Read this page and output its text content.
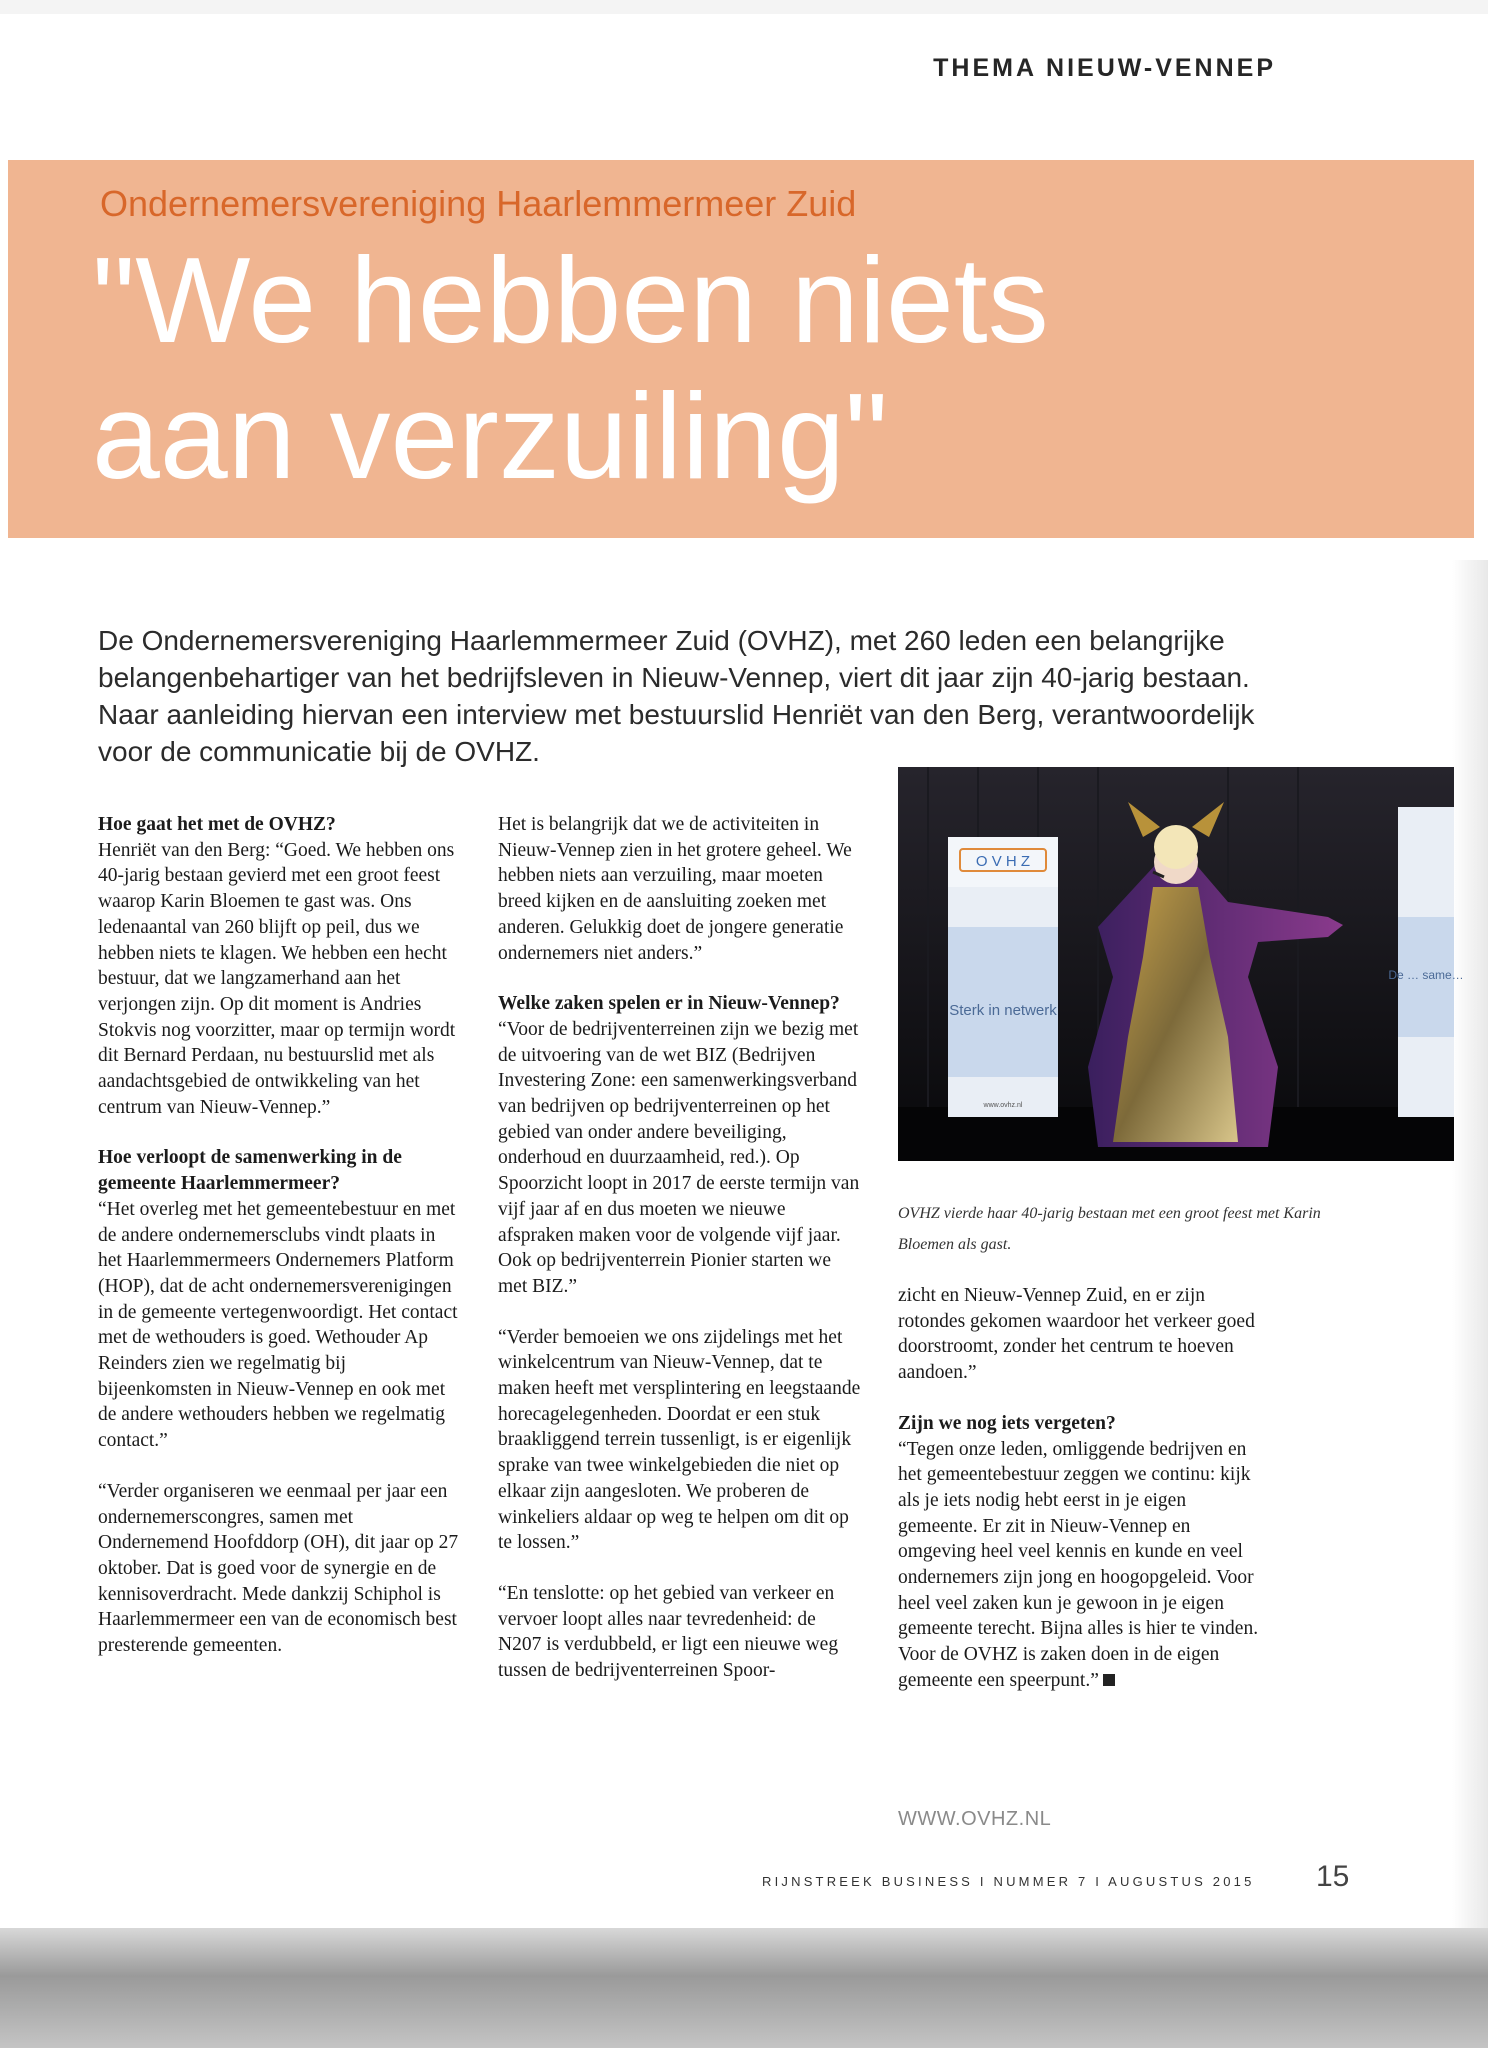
THEMA NIEUW-VENNEP
Ondernemersvereniging Haarlemmermeer Zuid
"We hebben niets
aan verzuiling"

De Ondernemersvereniging Haarlemmermeer Zuid (OVHZ), met 260 leden een belangrijke belangenbehartiger van het bedrijfsleven in Nieuw-Vennep, viert dit jaar zijn 40-jarig bestaan. Naar aanleiding hiervan een interview met bestuurslid Henriët van den Berg, verantwoordelijk voor de communicatie bij de OVHZ.

Hoe gaat het met de OVHZ?

Henriët van den Berg: “Goed. We hebben ons 40-jarig bestaan gevierd met een groot feest waarop Karin Bloemen te gast was. Ons ledenaantal van 260 blijft op peil, dus we hebben niets te klagen. We hebben een hecht bestuur, dat we langzamerhand aan het verjongen zijn. Op dit moment is Andries Stokvis nog voorzitter, maar op termijn wordt dit Bernard Perdaan, nu bestuurslid met als aandachtsgebied de ontwikkeling van het centrum van Nieuw-Vennep.”

Hoe verloopt de samenwerking in de gemeente Haarlemmermeer?

“Het overleg met het gemeentebestuur en met de andere ondernemersclubs vindt plaats in het Haarlemmermeers Ondernemers Platform (HOP), dat de acht ondernemersverenigingen in de gemeente vertegenwoordigt. Het contact met de wethouders is goed. Wethouder Ap Reinders zien we regelmatig bij bijeenkomsten in Nieuw-Vennep en ook met de andere wethouders hebben we regelmatig contact.”

“Verder organiseren we eenmaal per jaar een ondernemerscongres, samen met Ondernemend Hoofddorp (OH), dit jaar op 27 oktober. Dat is goed voor de synergie en de kennisoverdracht. Mede dankzij Schiphol is Haarlemmermeer een van de economisch best presterende gemeenten.

Het is belangrijk dat we de activiteiten in Nieuw-Vennep zien in het grotere geheel. We hebben niets aan verzuiling, maar moeten breed kijken en de aansluiting zoeken met anderen. Gelukkig doet de jongere generatie ondernemers niet anders.”

Welke zaken spelen er in Nieuw-Vennep?

“Voor de bedrijventerreinen zijn we bezig met de uitvoering van de wet BIZ (Bedrijven Investering Zone: een samenwerkingsverband van bedrijven op bedrijventerreinen op het gebied van onder andere beveiliging, onderhoud en duurzaamheid, red.). Op Spoorzicht loopt in 2017 de eerste termijn van vijf jaar af en dus moeten we nieuwe afspraken maken voor de volgende vijf jaar. Ook op bedrijventerrein Pionier starten we met BIZ.”

“Verder bemoeien we ons zijdelings met het winkelcentrum van Nieuw-Vennep, dat te maken heeft met versplintering en leegstaande horecagelegenheden. Doordat er een stuk braakliggend terrein tussenligt, is er eigenlijk sprake van twee winkelgebieden die niet op elkaar zijn aangesloten. We proberen de winkeliers aldaar op weg te helpen om dit op te lossen.”

“En tenslotte: op het gebied van verkeer en vervoer loopt alles naar tevredenheid: de N207 is verdubbeld, er ligt een nieuwe weg tussen de bedrijventerreinen Spoor-

O V H Z
Sterk in netwerk
www.ovhz.nl
De … same…
OVHZ vierde haar 40-jarig bestaan met een groot feest met Karin Bloemen als gast.

zicht en Nieuw-Vennep Zuid, en er zijn rotondes gekomen waardoor het verkeer goed doorstroomt, zonder het centrum te hoeven aandoen.”

Zijn we nog iets vergeten?

“Tegen onze leden, omliggende bedrijven en het gemeentebestuur zeggen we continu: kijk als je iets nodig hebt eerst in je eigen gemeente. Er zit in Nieuw-Vennep en omgeving heel veel kennis en kunde en veel ondernemers zijn jong en hoogopgeleid. Voor heel veel zaken kun je gewoon in je eigen gemeente terecht. Bijna alles is hier te vinden. Voor de OVHZ is zaken doen in de eigen gemeente een speerpunt.”

WWW.OVHZ.NL
RIJNSTREEK BUSINESS I NUMMER 7 I AUGUSTUS 2015 15
